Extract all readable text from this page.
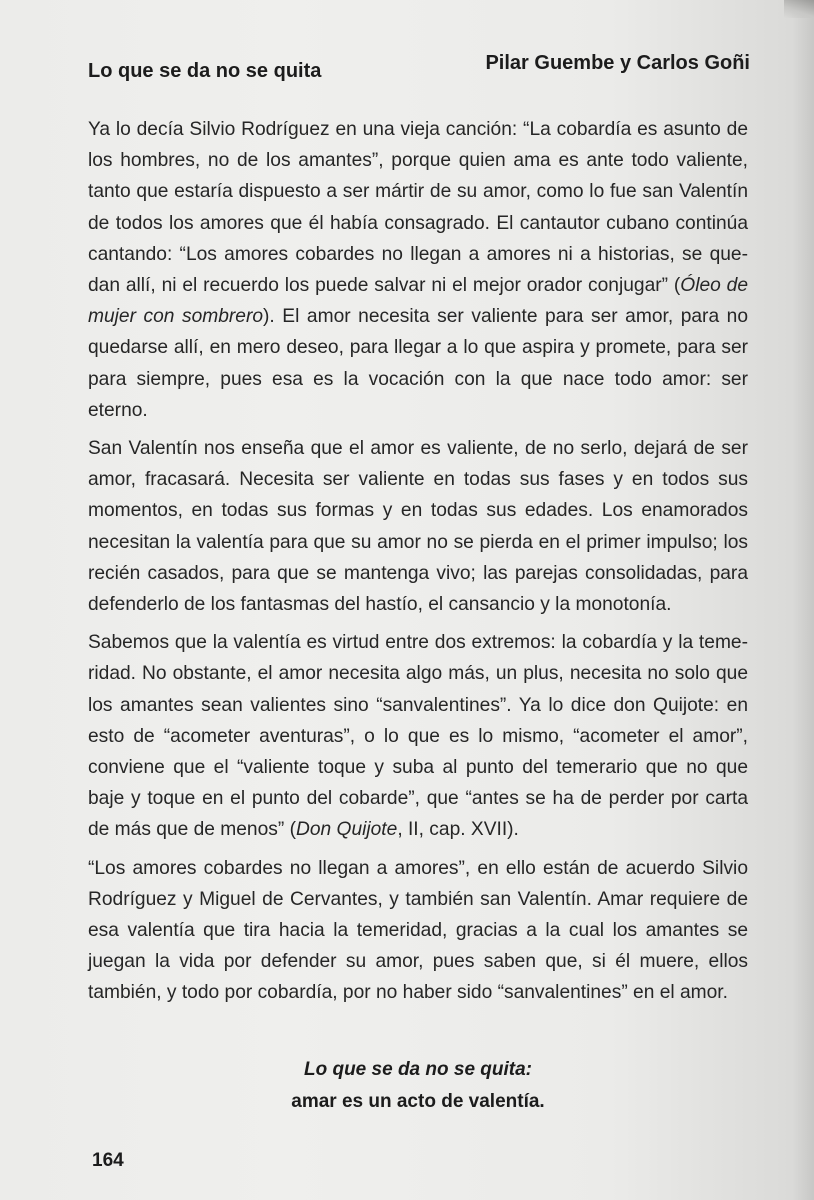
Lo que se da no se quita	Pilar Guembe y Carlos Goñi

Ya lo decía Silvio Rodríguez en una vieja canción: “La cobardía es asunto de los hombres, no de los amantes”, porque quien ama es ante todo valiente, tanto que estaría dispuesto a ser mártir de su amor, como lo fue san Valentín de todos los amores que él había consagrado. El cantautor cubano continúa cantando: “Los amores cobardes no llegan a amores ni a historias, se quedan allí, ni el recuerdo los puede salvar ni el mejor orador conjugar” (Óleo de mujer con sombrero). El amor necesita ser valiente para ser amor, para no quedarse allí, en mero deseo, para llegar a lo que aspira y promete, para ser para siempre, pues esa es la vocación con la que nace todo amor: ser eterno.

San Valentín nos enseña que el amor es valiente, de no serlo, dejará de ser amor, fracasará. Necesita ser valiente en todas sus fases y en todos sus momentos, en todas sus formas y en todas sus edades. Los enamorados necesitan la valentía para que su amor no se pierda en el primer impulso; los recién casados, para que se mantenga vivo; las parejas consolidadas, para defenderlo de los fantasmas del hastío, el cansancio y la monotonía.

Sabemos que la valentía es virtud entre dos extremos: la cobardía y la temeridad. No obstante, el amor necesita algo más, un plus, necesita no solo que los amantes sean valientes sino “sanvalentines”. Ya lo dice don Quijote: en esto de “acometer aventuras”, o lo que es lo mismo, “acometer el amor”, conviene que el “valiente toque y suba al punto del temerario que no que baje y toque en el punto del cobarde”, que “antes se ha de perder por carta de más que de menos” (Don Quijote, II, cap. XVII).

“Los amores cobardes no llegan a amores”, en ello están de acuerdo Silvio Rodríguez y Miguel de Cervantes, y también san Valentín. Amar requiere de esa valentía que tira hacia la temeridad, gracias a la cual los amantes se juegan la vida por defender su amor, pues saben que, si él muere, ellos también, y todo por cobardía, por no haber sido “sanvalentines” en el amor.

Lo que se da no se quita:
amar es un acto de valentía.
164
